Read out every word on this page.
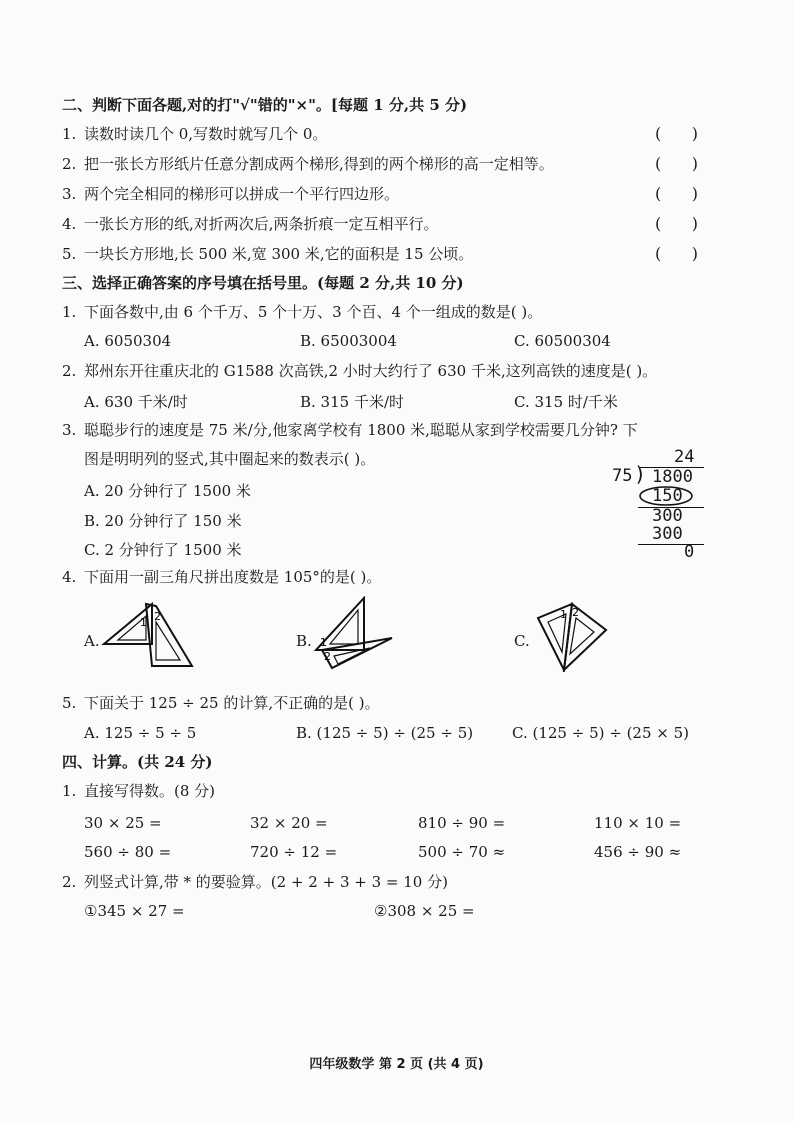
二、判断下面各题,对的打"√"错的"×"。[每题 1 分,共 5 分)
1. 读数时读几个 0,写数时就写几个 0。	(      )
2. 把一张长方形纸片任意分割成两个梯形,得到的两个梯形的高一定相等。	(      )
3. 两个完全相同的梯形可以拼成一个平行四边形。	(      )
4. 一张长方形的纸,对折两次后,两条折痕一定互相平行。	(      )
5. 一块长方形地,长 500 米,宽 300 米,它的面积是 15 公顷。	(      )
三、选择正确答案的序号填在括号里。(每题 2 分,共 10 分)
1. 下面各数中,由 6 个千万、5 个十万、3 个百、4 个一组成的数是( )。
A. 6050304	B. 65003004	C. 60500304
2. 郑州东开往重庆北的 G1588 次高铁,2 小时大约行了 630 千米,这列高铁的速度是( )。
A. 630 千米/时	B. 315 千米/时	C. 315 时/千米
3. 聪聪步行的速度是 75 米/分,他家离学校有 1800 米,聪聪从家到学校需要几分钟? 下
图是明明列的竖式,其中圈起来的数表示( )。
A. 20 分钟行了 1500 米
B. 20 分钟行了 150 米
C. 2 分钟行了 1500 米
24
75 ) 1800
150
300
300
0
4. 下面用一副三角尺拼出度数是 105°的是( )。
A.
1 2
B. 1
2
C.
1 2
5. 下面关于 125 ÷ 25 的计算,不正确的是( )。
A. 125 ÷ 5 ÷ 5	B. (125 ÷ 5) ÷ (25 ÷ 5)	C. (125 ÷ 5) ÷ (25 × 5)
四、计算。(共 24 分)
1. 直接写得数。(8 分)
30 × 25 =	32 × 20 =	810 ÷ 90 =	110 × 10 =
560 ÷ 80 =	720 ÷ 12 =	500 ÷ 70 ≈	456 ÷ 90 ≈
2. 列竖式计算,带 * 的要验算。(2 + 2 + 3 + 3 = 10 分)
①345 × 27 =	②308 × 25 =
四年级数学 第 2 页 (共 4 页)
